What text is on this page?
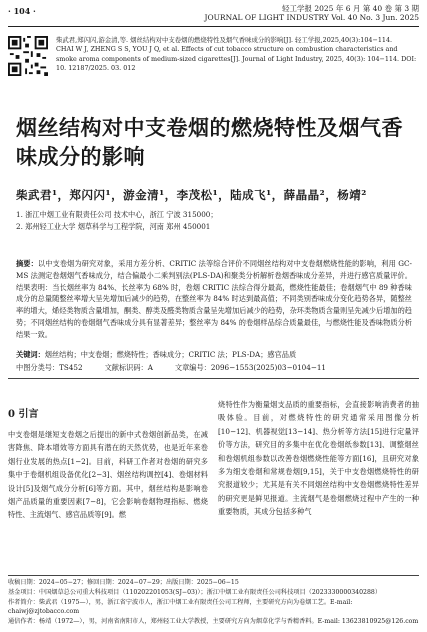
· 104 ·	轻工学报 2025 年 6 月 第 40 卷 第 3 期
JOURNAL OF LIGHT INDUSTRY Vol. 40 No. 3 Jun. 2025
柴武君,郑闪闪,游金清,等. 烟丝结构对中支卷烟的燃烧特性及烟气香味成分的影响[J]. 轻工学报,2025,40(3):104−114.
CHAI W J, ZHENG S S, YOU J Q, et al. Effects of cut tobacco structure on combustion characteristics and smoke aroma components of medium-sized cigarettes[J]. Journal of Light Industry, 2025, 40(3): 104−114. DOI: 10. 12187/2025. 03. 012
烟丝结构对中支卷烟的燃烧特性及烟气香味成分的影响
柴武君¹，郑闪闪¹，游金清¹，李茂松¹，陆成飞¹，薛晶晶²，杨靖²
1. 浙江中烟工业有限责任公司 技术中心，浙江 宁波 315000；
2. 郑州轻工业大学 烟草科学与工程学院，河南 郑州 450001
摘要：以中支卷烟为研究对象，采用方差分析、CRITIC 法等综合评价不同烟丝结构对中支卷烟燃烧性能的影响，利用 GC-MS 法测定卷烟烟气香味成分，结合偏最小二乘判别法(PLS-DA)和聚类分析解析卷烟香味成分差异，并进行感官质量评价。结果表明：当长烟丝率为 84%、长丝率为 68% 时，卷烟 CRITIC 法综合得分最高，燃烧性能最佳；卷烟烟气中 89 种香味成分的总量随整丝率增大呈先增加后减少的趋势，在整丝率为 84% 时达到最高值；不同类别香味成分变化趋势各异，随整丝率的增大，烯烃类物质含量增加，酮类、醇类及醛类物质含量呈先增加后减少的趋势，杂环类物质含量则呈先减少后增加的趋势；不同烟丝结构的卷烟烟气香味成分具有显著差异；整丝率为 84% 的卷烟样品综合质量最佳，与燃烧性能及香味物质分析结果一致。
关键词：烟丝结构；中支卷烟；燃烧特性；香味成分；CRITIC 法；PLS-DA；感官品质
中图分类号：TS452	文献标识码：A	文章编号：2096−1553(2025)03−0104−11
0 引言
中支卷烟是继短支卷烟之后提出的新中式卷烟创新品类，在减害降焦、降本增效等方面具有潜在的天然优势，也是近年来卷烟行业发展的热点[1−2]。目前，科研工作者对卷烟的研究多集中于卷烟机组设备优化[2−3]、烟丝结构调控[4]、卷烟材料设计[5]及烟气成分分析[6]等方面。其中，烟丝结构是影响卷烟产品质量的重要因素[7−8]，它会影响卷烟物理指标、燃烧特性、主流烟气、感官品质等[9]。燃
烧特性作为衡量烟支品质的重要指标，会直接影响消费者的抽吸体验。目前，对燃烧特性的研究通常采用图像分析[10−12]、机器视觉[13−14]、热分析等方法[15]进行定量评价等方法，研究目的多集中在优化卷烟纸参数[13]、调整烟丝和卷烟机组参数以改善卷烟燃烧性能等方面[16]，且研究对象多为细支卷烟和常规卷烟[9,15]，关于中支卷烟燃烧特性的研究报道较少；尤其是有关不同烟丝结构中支卷烟燃烧特性差异的研究更是鲜见报道。主流烟气是卷烟燃烧过程中产生的一种重要物质，其成分包括多种气
收稿日期：2024−05−27；修回日期：2024−07−29；出版日期：2025−06−15
基金项目：中国烟草总公司重大科技项目（110202201053(SJ−03)）；浙江中烟工业有限责任公司科技项目（2023330000340288）
作者简介：柴武君（1975—），男，浙江省宁波市人，浙江中烟工业有限责任公司工程师，主要研究方向为卷烟工艺。E-mail: chaiwj@zjtobacco.com
通信作者：杨靖（1972—），男，河南省南阳市人，郑州轻工业大学教授，主要研究方向为烟草化学与香精香料。E-mail: 13623810925@126.com
